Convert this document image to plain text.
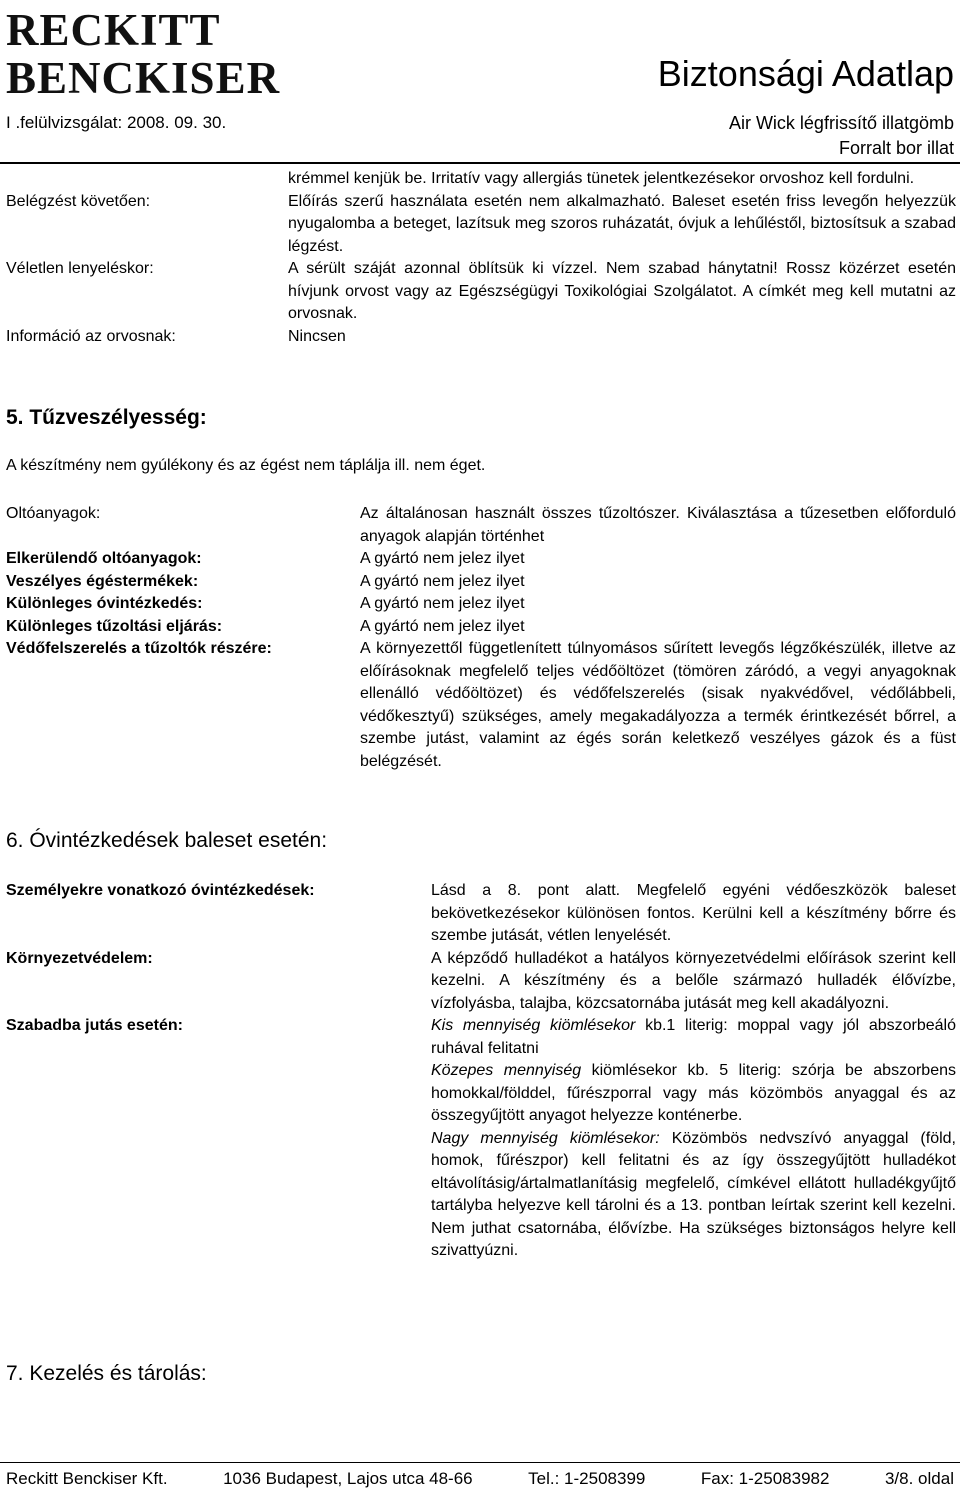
RECKITT
BENCKISER
I .felülvizsgálat: 2008. 09. 30.
Biztonsági Adatlap
Air Wick légfrissítő illatgömb
Forralt bor illat
krémmel kenjük be. Irritatív vagy allergiás tünetek jelentkezésekor orvoshoz kell fordulni.
Belégzést követően:	Előírás szerű használata esetén nem alkalmazható. Baleset esetén friss levegőn helyezzük nyugalomba a beteget, lazítsuk meg szoros ruházatát, óvjuk a lehűléstől, biztosítsuk a szabad légzést.
Véletlen lenyeléskor:	A sérült száját azonnal öblítsük ki vízzel. Nem szabad hánytatni! Rossz közérzet esetén hívjunk orvost vagy az Egészségügyi Toxikológiai Szolgálatot. A címkét meg kell mutatni az orvosnak.
Információ az orvosnak:	Nincsen
5. Tűzveszélyesség:
A készítmény nem gyúlékony és az égést nem táplálja ill. nem éget.
Oltóanyagok:	Az általánosan használt összes tűzoltószer. Kiválasztása a tűzesetben előforduló anyagok alapján történhet
Elkerülendő oltóanyagok:	A gyártó nem jelez ilyet
Veszélyes égéstermékek:	A gyártó nem jelez ilyet
Különleges óvintézkedés:	A gyártó nem jelez ilyet
Különleges tűzoltási eljárás:	A gyártó nem jelez ilyet
Védőfelszerelés a tűzoltók részére:	A környezettől függetlenített túlnyomásos sűrített levegős légzőkészülék, illetve az előírásoknak megfelelő teljes védőöltözet (tömören záródó, a vegyi anyagoknak ellenálló védőöltözet) és védőfelszerelés (sisak nyakvédővel, védőlábbeli, védőkesztyű) szükséges, amely megakadályozza a termék érintkezését bőrrel, a szembe jutást, valamint az égés során keletkező veszélyes gázok és a füst belégzését.
6. Óvintézkedések baleset esetén:
Személyekre vonatkozó óvintézkedések:	Lásd a 8. pont alatt. Megfelelő egyéni védőeszközök baleset bekövetkezésekor különösen fontos. Kerülni kell a készítmény bőrre és szembe jutását, vétlen lenyelését.
Környezetvédelem:	A képződő hulladékot a hatályos környezetvédelmi előírások szerint kell kezelni. A készítmény és a belőle származó hulladék élővízbe, vízfolyásba, talajba, közcsatornába jutását meg kell akadályozni.
Szabadba jutás esetén:	Kis mennyiség kiömlésekor kb.1 literig: moppal vagy jól abszorbeáló ruhával felitatni
Közepes mennyiség kiömlésekor kb. 5 literig: szórja be abszorbens homokkal/földdel, fűrészporral vagy más közömbös anyaggal és az összegyűjtött anyagot helyezze konténerbe.
Nagy mennyiség kiömlésekor: Közömbös nedvszívó anyaggal (föld, homok, fűrészpor) kell felitatni és az így összegyűjtött hulladékot eltávolításig/ártalmatlanításig megfelelő, címkével ellátott hulladékgyűjtő tartályba helyezve kell tárolni és a 13. pontban leírtak szerint kell kezelni. Nem juthat csatornába, élővízbe. Ha szükséges biztonságos helyre kell szivattyúzni.
7. Kezelés és tárolás:
Reckitt Benckiser Kft.	1036 Budapest, Lajos utca 48-66	Tel.: 1-2508399	Fax: 1-25083982	3/8. oldal
